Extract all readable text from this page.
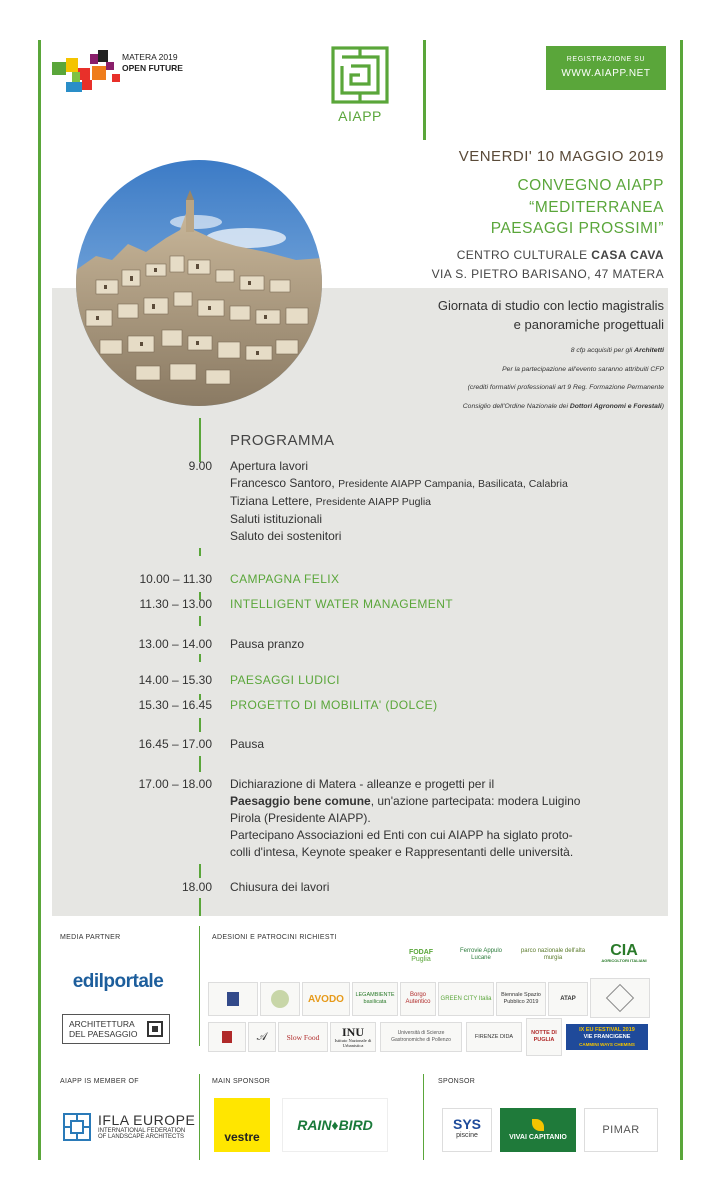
MATERA 2019
OPEN FUTURE
AIAPP
REGISTRAZIONE SU
WWW.AIAPP.NET
VENERDI' 10 MAGGIO 2019
CONVEGNO AIAPP
“MEDITERRANEA
PAESAGGI PROSSIMI”
CENTRO CULTURALE CASA CAVA
VIA S. PIETRO BARISANO, 47 MATERA
Giornata di studio con lectio magistralis
e panoramiche progettuali
8 cfp acquisiti per gli Architetti
Per la partecipazione all'evento saranno attribuiti CFP
(crediti formativi professionali art 9 Reg. Formazione Permanente
Consiglio dell'Ordine Nazionale dei Dottori Agronomi e Forestali)
PROGRAMMA
9.00 Apertura lavori
Francesco Santoro, Presidente AIAPP Campania, Basilicata, Calabria
Tiziana Lettere, Presidente AIAPP Puglia
Saluti istituzionali
Saluto dei sostenitori
10.00 – 11.30 CAMPAGNA FELIX
11.30 – 13.00 INTELLIGENT WATER MANAGEMENT
13.00 – 14.00 Pausa pranzo
14.00 – 15.30 PAESAGGI LUDICI
15.30 – 16.45 PROGETTO DI MOBILITA' (DOLCE)
16.45 – 17.00 Pausa
17.00 – 18.00 Dichiarazione di Matera - alleanze e progetti per il
Paesaggio bene comune, un'azione partecipata: modera Luigino
Pirola (Presidente AIAPP).
Partecipano Associazioni ed Enti con cui AIAPP ha siglato proto-
colli d'intesa, Keynote speaker e Rappresentanti delle università.
18.00 Chiusura dei lavori
MEDIA PARTNER	ADESIONI E PATROCINI RICHIESTI
AIAPP IS MEMBER OF	MAIN SPONSOR	SPONSOR
edilportale
ARCHITETTURA
DEL PAESAGGIO
FODAF
Puglia
Ferrovie Appulo Lucane
parco nazionale dell'alta murgia	CIA
AGRICOLTORI ITALIANI
AVODO	LEGAMBIENTE basilicata
Borgo Autentico
GREEN CITY Italia
Biennale Spazio Pubblico 2019
ATAP
𝒜	Slow Food INU
Istituto Nazionale di Urbanistica
Università di Scienze Gastronomiche di Pollenzo
FIRENZE DIDA
NOTTE DI PUGLIA
IX EU FESTIVAL 2019
VIE FRANCIGENE
CAMMINI WAYS CHEMINS
IFLA EUROPE
INTERNATIONAL FEDERATION
OF LANDSCAPE ARCHITECTS	vestre
RAIN♦BIRD	SYS
piscine	VIVAI CAPITANIO
PIMAR
